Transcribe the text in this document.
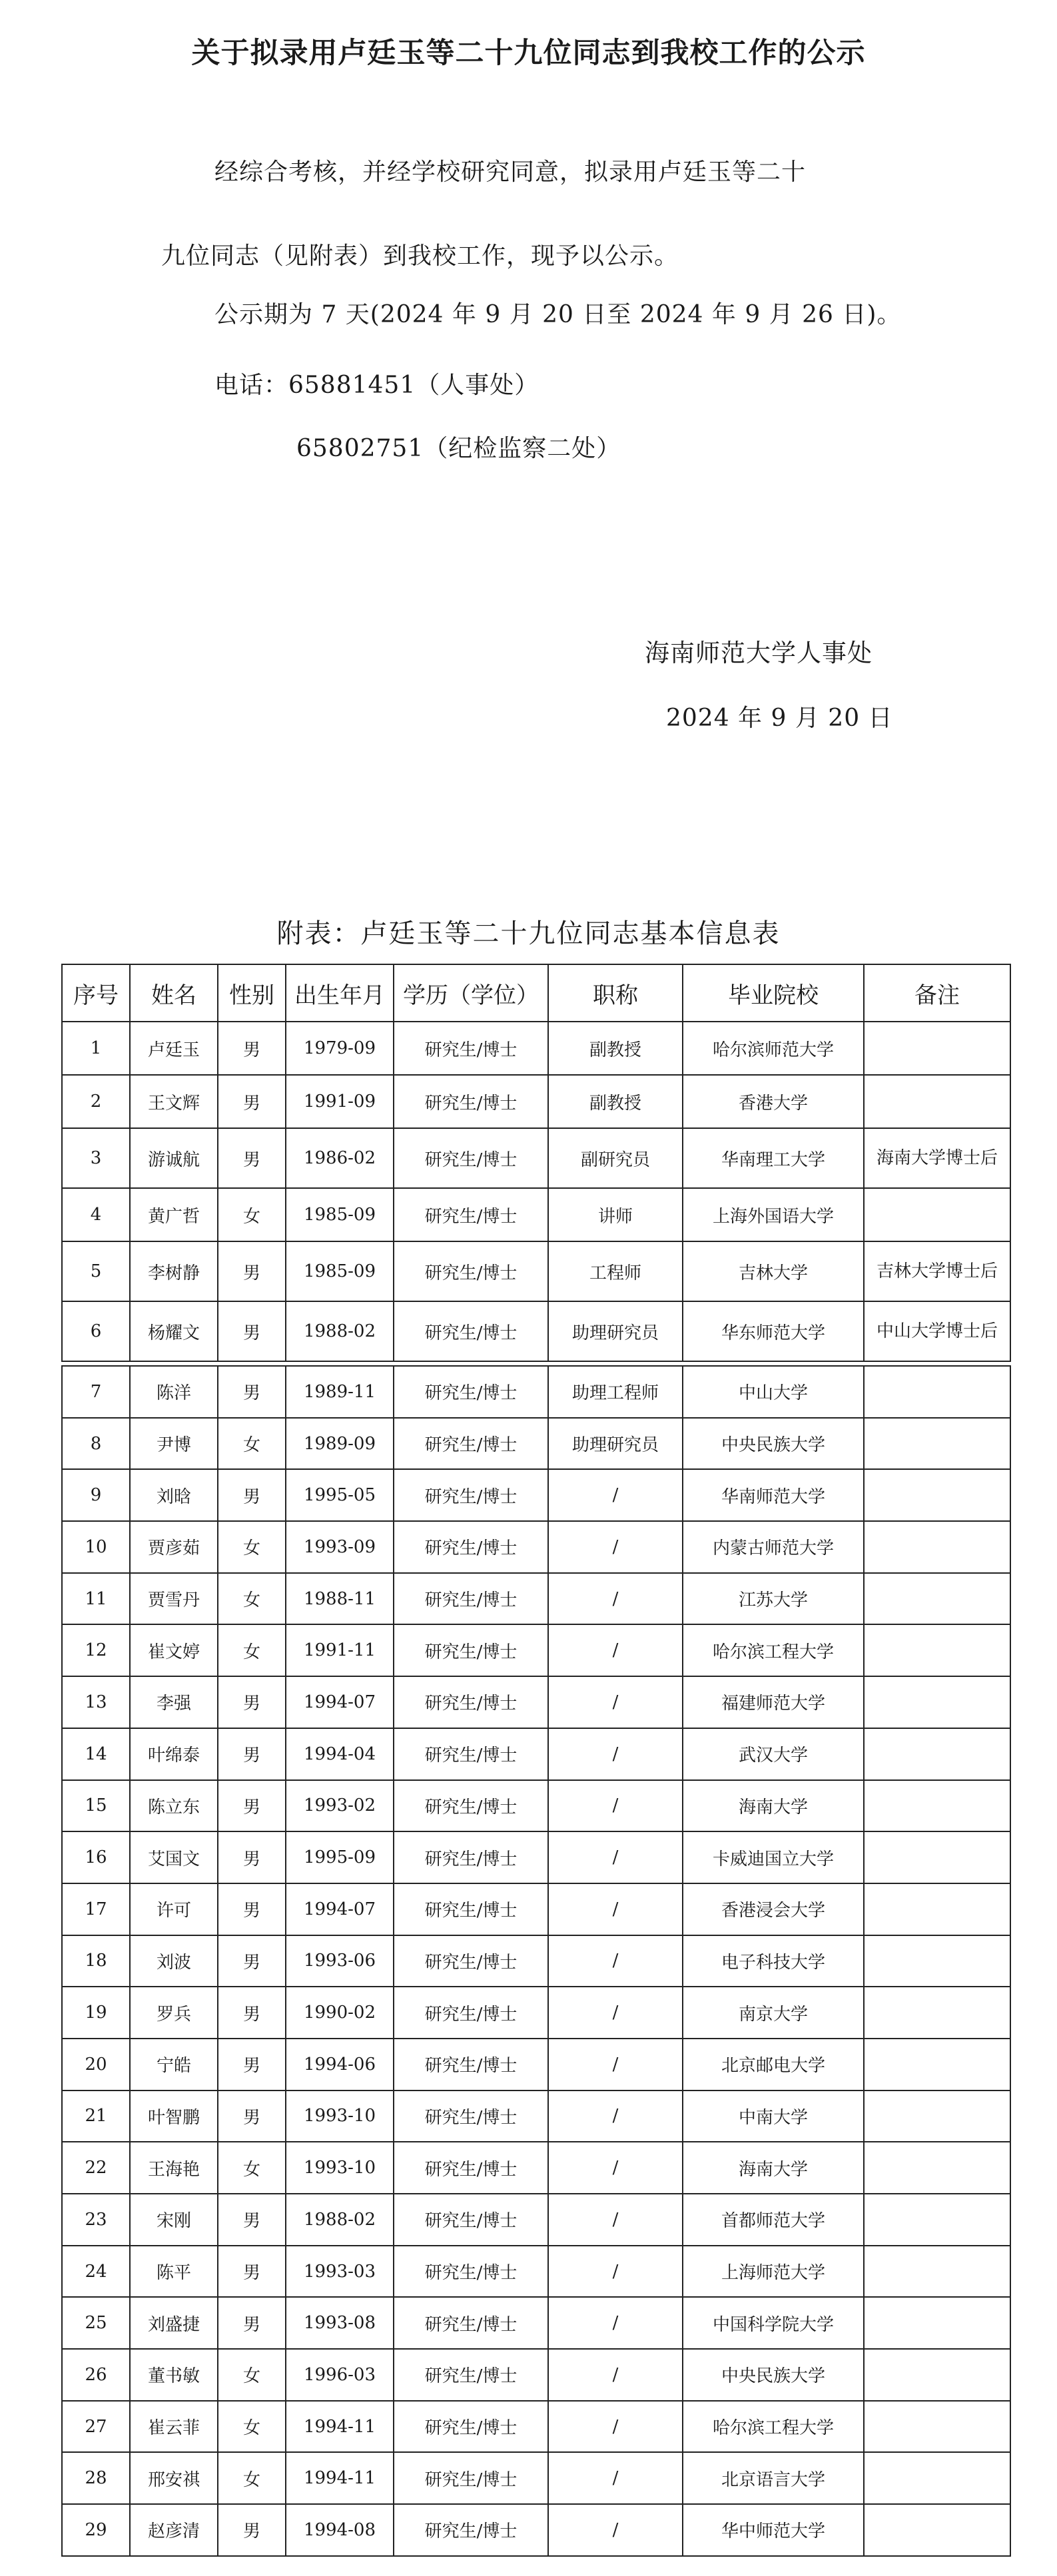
关于拟录用卢廷玉等二十九位同志到我校工作的公示
经综合考核，并经学校研究同意，拟录用卢廷玉等二十
九位同志（见附表）到我校工作，现予以公示。
公示期为 7 天(2024 年 9 月 20 日至 2024 年 9 月 26 日)。
电话：65881451（人事处）
65802751（纪检监察二处）
海南师范大学人事处
2024 年 9 月 20 日
附表：卢廷玉等二十九位同志基本信息表
序号	姓名	性别	出生年月	学历（学位）	职称	毕业院校	备注
1	卢廷玉	男	1979-09	研究生/博士	副教授	哈尔滨师范大学	
2	王文辉	男	1991-09	研究生/博士	副教授	香港大学	
3	游诚航	男	1986-02	研究生/博士	副研究员	华南理工大学	海南大学博士后
4	黄广哲	女	1985-09	研究生/博士	讲师	上海外国语大学	
5	李树静	男	1985-09	研究生/博士	工程师	吉林大学	吉林大学博士后
6	杨耀文	男	1988-02	研究生/博士	助理研究员	华东师范大学	中山大学博士后
7	陈洋	男	1989-11	研究生/博士	助理工程师	中山大学	
8	尹博	女	1989-09	研究生/博士	助理研究员	中央民族大学	
9	刘晗	男	1995-05	研究生/博士	/	华南师范大学	
10	贾彦茹	女	1993-09	研究生/博士	/	内蒙古师范大学	
11	贾雪丹	女	1988-11	研究生/博士	/	江苏大学	
12	崔文婷	女	1991-11	研究生/博士	/	哈尔滨工程大学	
13	李强	男	1994-07	研究生/博士	/	福建师范大学	
14	叶绵泰	男	1994-04	研究生/博士	/	武汉大学	
15	陈立东	男	1993-02	研究生/博士	/	海南大学	
16	艾国文	男	1995-09	研究生/博士	/	卡威迪国立大学	
17	许可	男	1994-07	研究生/博士	/	香港浸会大学	
18	刘波	男	1993-06	研究生/博士	/	电子科技大学	
19	罗兵	男	1990-02	研究生/博士	/	南京大学	
20	宁皓	男	1994-06	研究生/博士	/	北京邮电大学	
21	叶智鹏	男	1993-10	研究生/博士	/	中南大学	
22	王海艳	女	1993-10	研究生/博士	/	海南大学	
23	宋刚	男	1988-02	研究生/博士	/	首都师范大学	
24	陈平	男	1993-03	研究生/博士	/	上海师范大学	
25	刘盛捷	男	1993-08	研究生/博士	/	中国科学院大学	
26	董书敏	女	1996-03	研究生/博士	/	中央民族大学	
27	崔云菲	女	1994-11	研究生/博士	/	哈尔滨工程大学	
28	邢安祺	女	1994-11	研究生/博士	/	北京语言大学	
29	赵彦清	男	1994-08	研究生/博士	/	华中师范大学	
